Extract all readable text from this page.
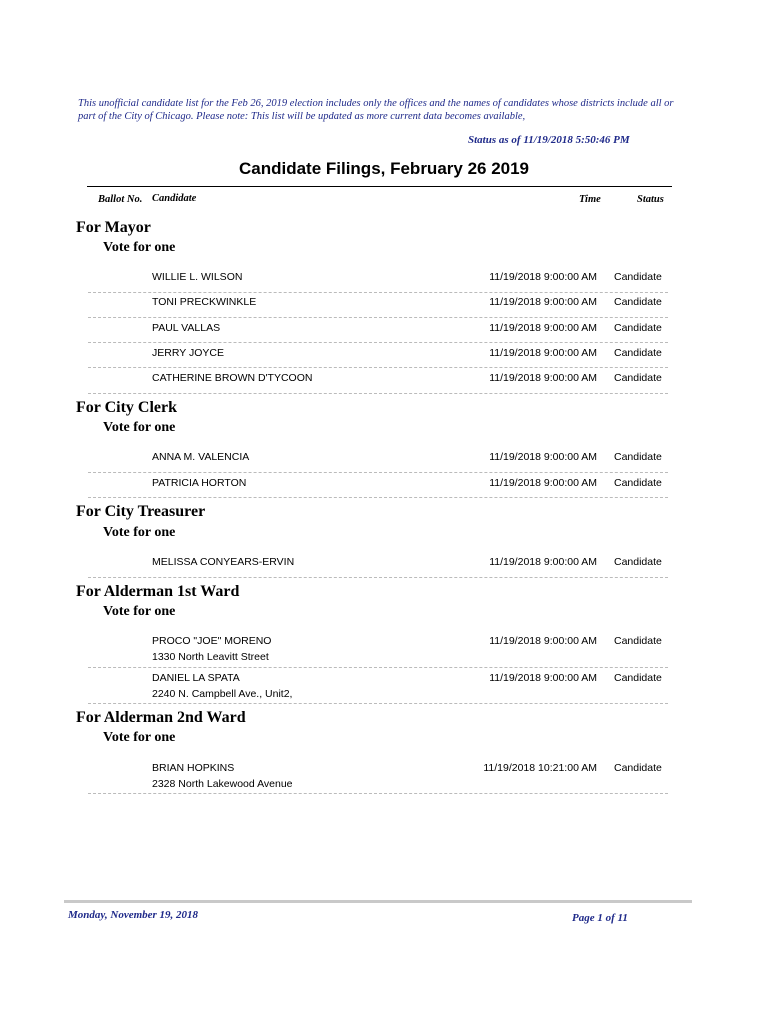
This unofficial candidate list for the Feb 26, 2019 election includes only the offices and the names of candidates whose districts include all or part of the City of Chicago. Please note: This list will be updated as more current data becomes available,
Status as of 11/19/2018 5:50:46 PM
Candidate Filings, February 26 2019
Ballot No. Candidate	Time	Status
For Mayor
Vote for one
WILLIE L. WILSON	11/19/2018 9:00:00 AM Candidate
TONI PRECKWINKLE	11/19/2018 9:00:00 AM Candidate
PAUL VALLAS	11/19/2018 9:00:00 AM Candidate
JERRY JOYCE	11/19/2018 9:00:00 AM Candidate
CATHERINE BROWN D'TYCOON	11/19/2018 9:00:00 AM Candidate
For City Clerk
Vote for one
ANNA M. VALENCIA	11/19/2018 9:00:00 AM Candidate
PATRICIA HORTON	11/19/2018 9:00:00 AM Candidate
For City Treasurer
Vote for one
MELISSA CONYEARS-ERVIN	11/19/2018 9:00:00 AM Candidate
For Alderman 1st Ward
Vote for one
PROCO "JOE" MORENO
1330 North Leavitt Street
11/19/2018 9:00:00 AM Candidate
DANIEL LA SPATA
2240 N. Campbell Ave., Unit2,
11/19/2018 9:00:00 AM Candidate
For Alderman 2nd Ward
Vote for one
BRIAN HOPKINS
2328 North Lakewood Avenue
11/19/2018 10:21:00 AM Candidate
Monday, November 19, 2018	Page 1 of 11
